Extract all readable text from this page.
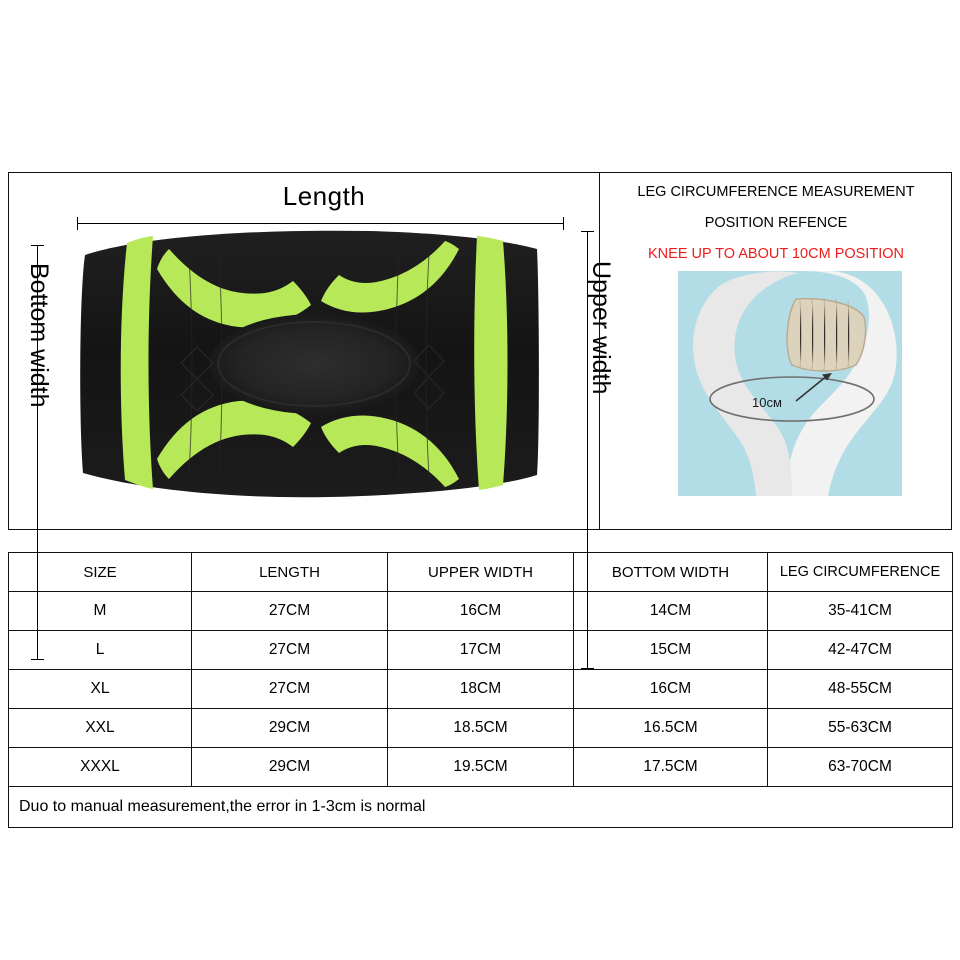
Length
Bottom width	Upper width
LEG CIRCUMFERENCE MEASUREMENT
POSITION REFENCE
KNEE UP TO ABOUT 10CM POSITION
10см
SIZE	LENGTH	UPPER WIDTH	BOTTOM WIDTH	LEG CIRCUMFERENCE
M	27CM	16CM	14CM	35-41CM
L	27CM	17CM	15CM	42-47CM
XL	27CM	18CM	16CM	48-55CM
XXL	29CM	18.5CM	16.5CM	55-63CM
XXXL	29CM	19.5CM	17.5CM	63-70CM
Duo to manual measurement,the error in 1-3cm is normal				
